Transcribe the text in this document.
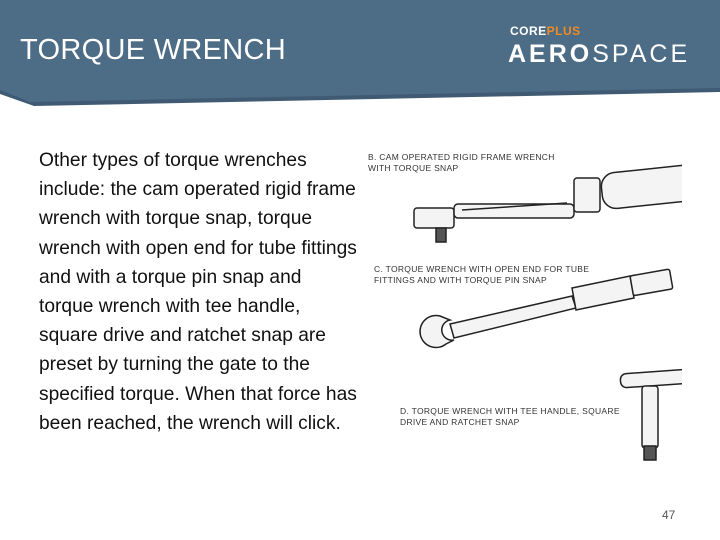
TORQUE WRENCH
COREPLUS
AEROSPACE
Other types of torque wrenches include: the cam operated rigid frame wrench with torque snap, torque wrench with open end for tube fittings and with a torque pin snap and torque wrench with tee handle, square drive and ratchet snap are preset by turning the gate to the specified torque. When that force has been reached, the wrench will click.
B. CAM OPERATED RIGID FRAME WRENCH WITH TORQUE SNAP
C. TORQUE WRENCH WITH OPEN END FOR TUBE FITTINGS AND WITH TORQUE PIN SNAP
D. TORQUE WRENCH WITH TEE HANDLE, SQUARE DRIVE AND RATCHET SNAP
47
